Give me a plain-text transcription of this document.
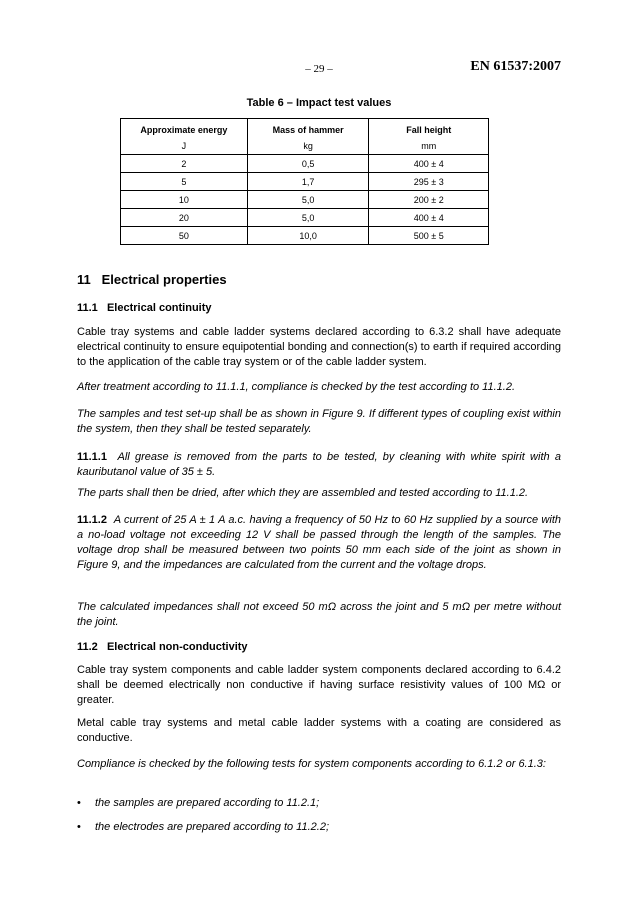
– 29 –	EN 61537:2007
Table 6 – Impact test values
Approximate energy	Mass of hammer	Fall height
J	kg	mm
2	0,5	400 ± 4
5	1,7	295 ± 3
10	5,0	200 ± 2
20	5,0	400 ± 4
50	10,0	500 ± 5
11   Electrical properties
11.1   Electrical continuity

Cable tray systems and cable ladder systems declared according to 6.3.2 shall have adequate electrical continuity to ensure equipotential bonding and connection(s) to earth if required according to the application of the cable tray system or of the cable ladder system.

After treatment according to 11.1.1, compliance is checked by the test according to 11.1.2.

The samples and test set-up shall be as shown in Figure 9. If different types of coupling exist within the system, then they shall be tested separately.

11.1.1 All grease is removed from the parts to be tested, by cleaning with white spirit with a kauributanol value of 35 ± 5.

The parts shall then be dried, after which they are assembled and tested according to 11.1.2.

11.1.2 A current of 25 A ± 1 A a.c. having a frequency of 50 Hz to 60 Hz supplied by a source with a no-load voltage not exceeding 12 V shall be passed through the length of the samples. The voltage drop shall be measured between two points 50 mm each side of the joint as shown in Figure 9, and the impedances are calculated from the current and the voltage drops.

The calculated impedances shall not exceed 50 mΩ across the joint and 5 mΩ per metre without the joint.

11.2   Electrical non-conductivity

Cable tray system components and cable ladder system components declared according to 6.4.2 shall be deemed electrically non conductive if having surface resistivity values of 100 MΩ or greater.

Metal cable tray systems and metal cable ladder systems with a coating are considered as conductive.

Compliance is checked by the following tests for system components according to 6.1.2 or 6.1.3:

• the samples are prepared according to 11.2.1;
• the electrodes are prepared according to 11.2.2;
